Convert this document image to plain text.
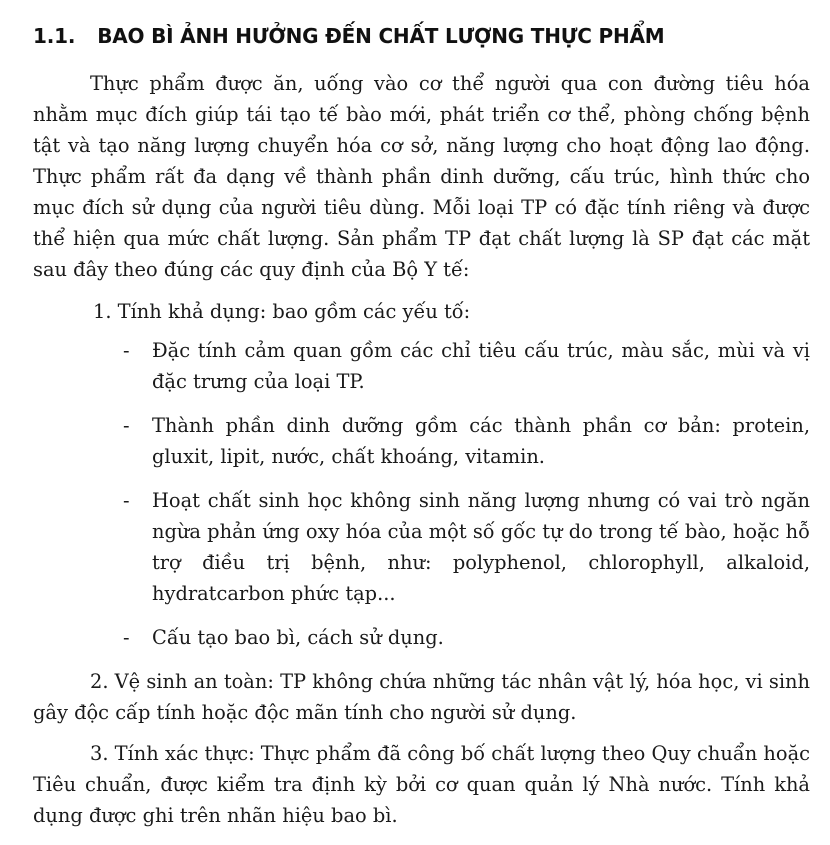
1.1. BAO BÌ ẢNH HƯỞNG ĐẾN CHẤT LƯỢNG THỰC PHẨM

Thực phẩm được ăn, uống vào cơ thể người qua con đường tiêu hóa nhằm mục đích giúp tái tạo tế bào mới, phát triển cơ thể, phòng chống bệnh tật và tạo năng lượng chuyển hóa cơ sở, năng lượng cho hoạt động lao động. Thực phẩm rất đa dạng về thành phần dinh dưỡng, cấu trúc, hình thức cho mục đích sử dụng của người tiêu dùng. Mỗi loại TP có đặc tính riêng và được thể hiện qua mức chất lượng. Sản phẩm TP đạt chất lượng là SP đạt các mặt sau đây theo đúng các quy định của Bộ Y tế:

1. Tính khả dụng: bao gồm các yếu tố:

- Đặc tính cảm quan gồm các chỉ tiêu cấu trúc, màu sắc, mùi và vị đặc trưng của loại TP.
- Thành phần dinh dưỡng gồm các thành phần cơ bản: protein, gluxit, lipit, nước, chất khoáng, vitamin.
- Hoạt chất sinh học không sinh năng lượng nhưng có vai trò ngăn ngừa phản ứng oxy hóa của một số gốc tự do trong tế bào, hoặc hỗ trợ điều trị bệnh, như: polyphenol, chlorophyll, alkaloid, hydratcarbon phức tạp...
- Cấu tạo bao bì, cách sử dụng.

2. Vệ sinh an toàn: TP không chứa những tác nhân vật lý, hóa học, vi sinh gây độc cấp tính hoặc độc mãn tính cho người sử dụng.

3. Tính xác thực: Thực phẩm đã công bố chất lượng theo Quy chuẩn hoặc Tiêu chuẩn, được kiểm tra định kỳ bởi cơ quan quản lý Nhà nước. Tính khả dụng được ghi trên nhãn hiệu bao bì.
